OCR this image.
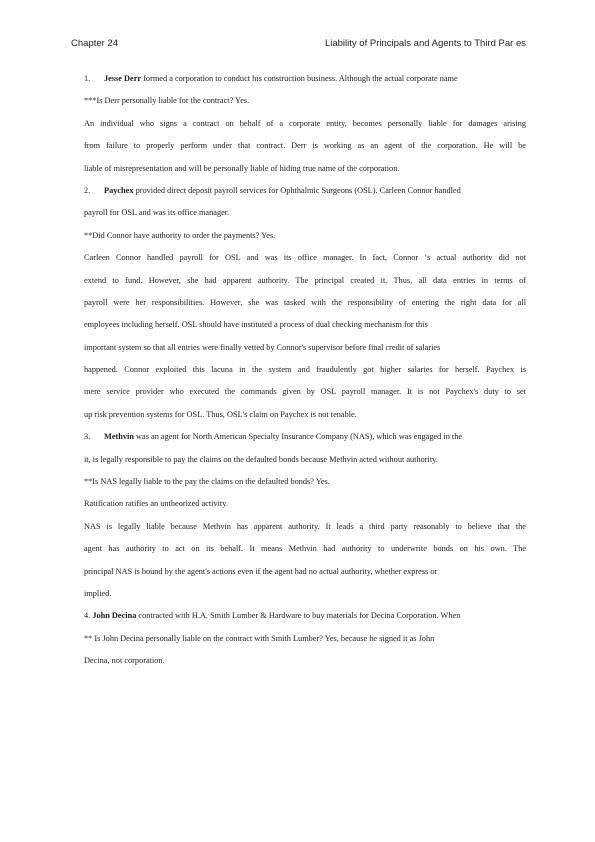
Chapter 24	Liability of Principals and Agents to Third Par es
1. Jesse Derr formed a corporation to conduct his construction business. Although the actual corporate name
***Is Derr personally liable for the contract? Yes.
An individual who signs a contract on behalf of a corporate entity, becomes personally liable for damages arising
from failure to properly perform under that contract. Derr is working as an agent of the corporation. He will be
liable of misrepresentation and will be personally liable of hiding true name of the corporation.
2. Paychex provided direct deposit payroll services for Ophthalmic Surgeons (OSL). Carleen Connor handled
payroll for OSL and was its office manager.
**Did Connor have authority to order the payments? Yes.
Carleen Connor handled payroll for OSL and was its office manager. In fact, Connor ‘s actual authority did not
extend to fund. However, she had apparent authority. The principal created it. Thus, all data entries in terms of
payroll were her responsibilities. However, she was tasked with the responsibility of entering the right data for all
employees including herself. OSL should have instituted a process of dual checking mechanism for this
important system so that all entries were finally vetted by Connor's supervisor before final credit of salaries
happened. Connor exploited this lacuna in the system and fraudulently got higher salaries for herself. Paychex is
mere service provider who executed the commands given by OSL payroll manager. It is not Paychex's duty to set
up risk prevention systems for OSL. Thus, OSL's claim on Paychex is not tenable.
3. Methvin was an agent for North American Specialty Insurance Company (NAS), which was engaged in the
it, is legally responsible to pay the claims on the defaulted bonds because Methvin acted without authority.
**Is NAS legally liable to the pay the claims on the defaulted bonds? Yes.
Ratification ratifies an untheorized activity.
NAS is legally liable because Methvin has apparent authority. It leads a third party reasonably to believe that the
agent has authority to act on its behalf. It means Methvin had authority to underwrite bonds on his own. The
principal NAS is bound by the agent's actions even if the agent had no actual authority, whether express or
implied.
4. John Decina contracted with H.A. Smith Lumber & Hardware to buy materials for Decina Corporation. When
** Is John Decina personally liable on the contract with Smith Lumber? Yes, because he signed it as John
Decina, not corporation.
